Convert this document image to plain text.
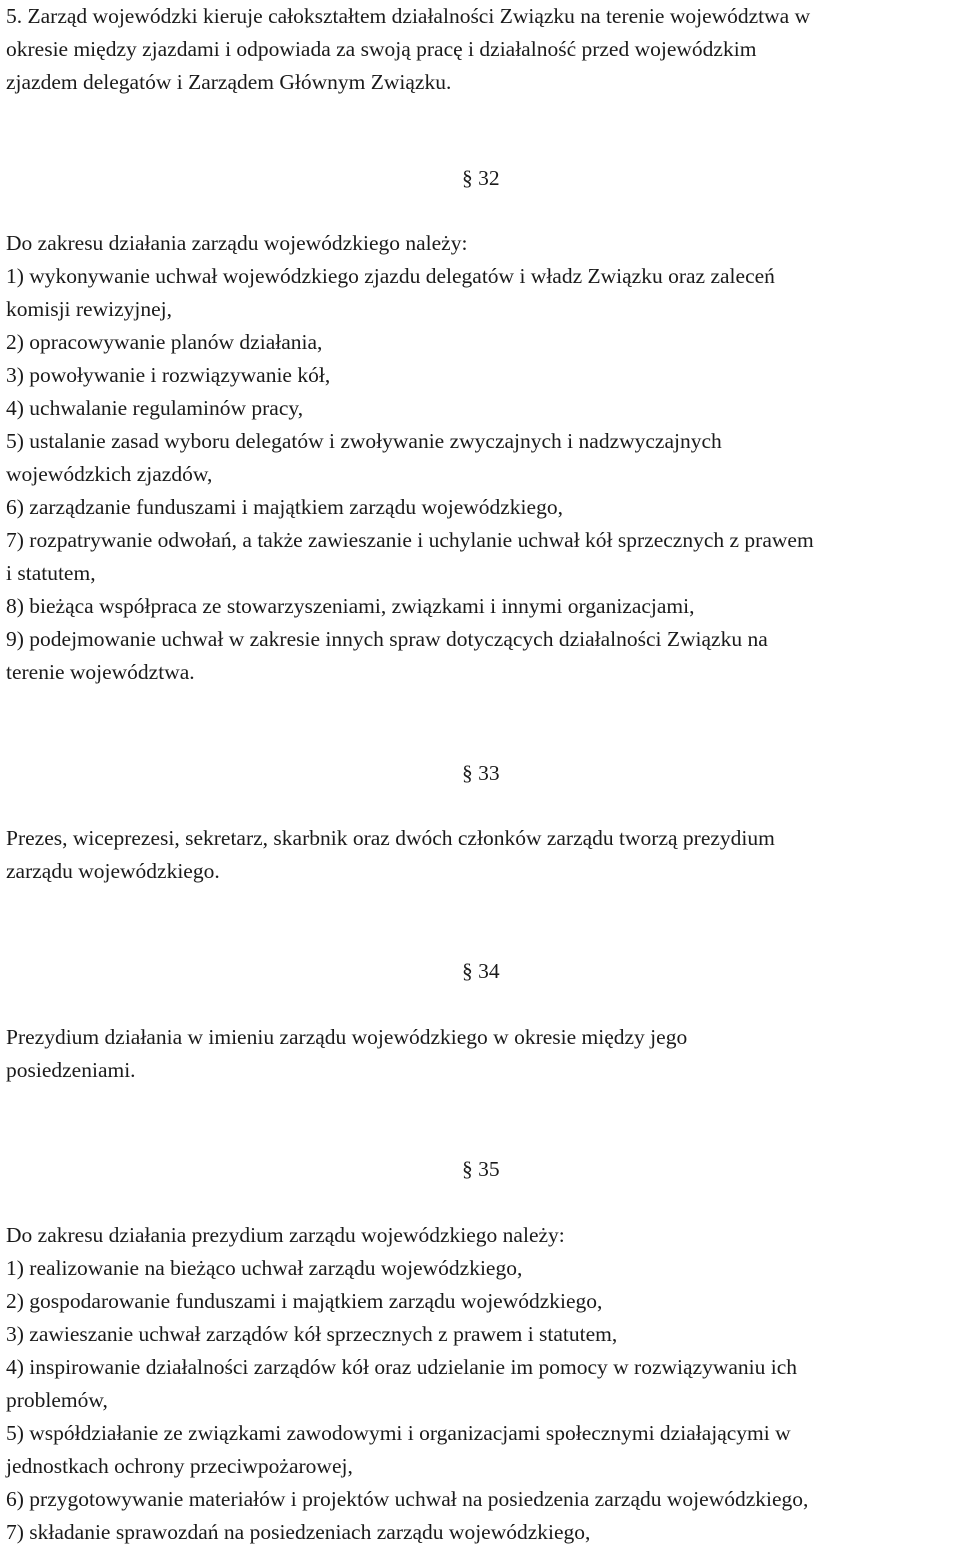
5. Zarząd wojewódzki kieruje całokształtem działalności Związku na terenie województwa w
okresie między zjazdami i odpowiada za swoją pracę i działalność przed wojewódzkim
zjazdem delegatów i Zarządem Głównym Związku.
§ 32
Do zakresu działania zarządu wojewódzkiego należy:
1) wykonywanie uchwał wojewódzkiego zjazdu delegatów i władz Związku oraz zaleceń
komisji rewizyjnej,
2) opracowywanie planów działania,
3) powoływanie i rozwiązywanie kół,
4) uchwalanie regulaminów pracy,
5) ustalanie zasad wyboru delegatów i zwoływanie zwyczajnych i nadzwyczajnych
wojewódzkich zjazdów,
6) zarządzanie funduszami i majątkiem zarządu wojewódzkiego,
7) rozpatrywanie odwołań, a także zawieszanie i uchylanie uchwał kół sprzecznych z prawem
i statutem,
8) bieżąca współpraca ze stowarzyszeniami, związkami i innymi organizacjami,
9) podejmowanie uchwał w zakresie innych spraw dotyczących działalności Związku na
terenie województwa.
§ 33
Prezes, wiceprezesi, sekretarz, skarbnik oraz dwóch członków zarządu tworzą prezydium
zarządu wojewódzkiego.
§ 34
Prezydium działania w imieniu zarządu wojewódzkiego w okresie między jego
posiedzeniami.
§ 35
Do zakresu działania prezydium zarządu wojewódzkiego należy:
1) realizowanie na bieżąco uchwał zarządu wojewódzkiego,
2) gospodarowanie funduszami i majątkiem zarządu wojewódzkiego,
3) zawieszanie uchwał zarządów kół sprzecznych z prawem i statutem,
4) inspirowanie działalności zarządów kół oraz udzielanie im pomocy w rozwiązywaniu ich
problemów,
5) współdziałanie ze związkami zawodowymi i organizacjami społecznymi działającymi w
jednostkach ochrony przeciwpożarowej,
6) przygotowywanie materiałów i projektów uchwał na posiedzenia zarządu wojewódzkiego,
7) składanie sprawozdań na posiedzeniach zarządu wojewódzkiego,
